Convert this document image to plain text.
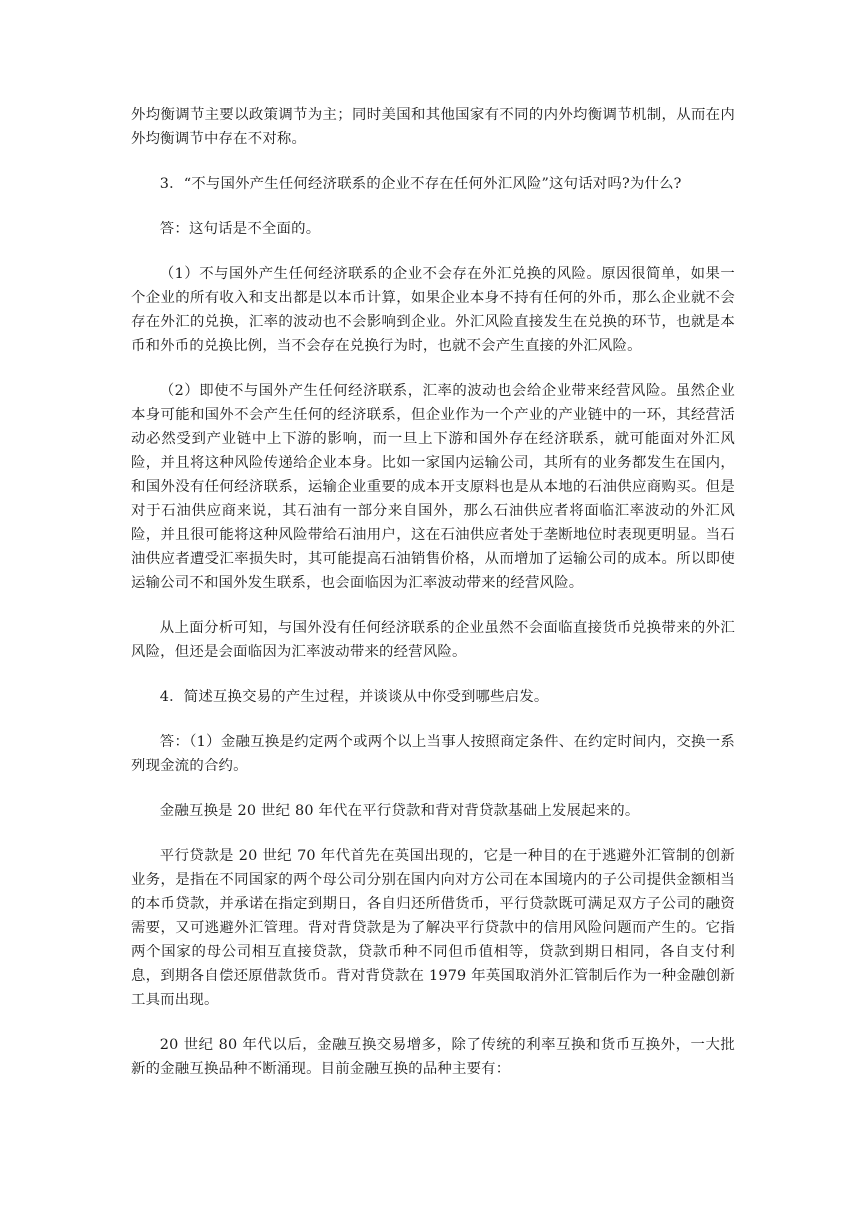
外均衡调节主要以政策调节为主；同时美国和其他国家有不同的内外均衡调节机制，从而在内外均衡调节中存在不对称。

3．“不与国外产生任何经济联系的企业不存在任何外汇风险”这句话对吗?为什么?

答：这句话是不全面的。

（1）不与国外产生任何经济联系的企业不会存在外汇兑换的风险。原因很简单，如果一个企业的所有收入和支出都是以本币计算，如果企业本身不持有任何的外币，那么企业就不会存在外汇的兑换，汇率的波动也不会影响到企业。外汇风险直接发生在兑换的环节，也就是本币和外币的兑换比例，当不会存在兑换行为时，也就不会产生直接的外汇风险。

（2）即使不与国外产生任何经济联系，汇率的波动也会给企业带来经营风险。虽然企业本身可能和国外不会产生任何的经济联系，但企业作为一个产业的产业链中的一环，其经营活动必然受到产业链中上下游的影响，而一旦上下游和国外存在经济联系，就可能面对外汇风险，并且将这种风险传递给企业本身。比如一家国内运输公司，其所有的业务都发生在国内，和国外没有任何经济联系，运输企业重要的成本开支原料也是从本地的石油供应商购买。但是对于石油供应商来说，其石油有一部分来自国外，那么石油供应者将面临汇率波动的外汇风险，并且很可能将这种风险带给石油用户，这在石油供应者处于垄断地位时表现更明显。当石油供应者遭受汇率损失时，其可能提高石油销售价格，从而增加了运输公司的成本。所以即使运输公司不和国外发生联系，也会面临因为汇率波动带来的经营风险。

从上面分析可知，与国外没有任何经济联系的企业虽然不会面临直接货币兑换带来的外汇风险，但还是会面临因为汇率波动带来的经营风险。

4．简述互换交易的产生过程，并谈谈从中你受到哪些启发。

答：（1）金融互换是约定两个或两个以上当事人按照商定条件、在约定时间内，交换一系列现金流的合约。

金融互换是 20 世纪 80 年代在平行贷款和背对背贷款基础上发展起来的。

平行贷款是 20 世纪 70 年代首先在英国出现的，它是一种目的在于逃避外汇管制的创新业务，是指在不同国家的两个母公司分别在国内向对方公司在本国境内的子公司提供金额相当的本币贷款，并承诺在指定到期日，各自归还所借货币，平行贷款既可满足双方子公司的融资需要，又可逃避外汇管理。背对背贷款是为了解决平行贷款中的信用风险问题而产生的。它指两个国家的母公司相互直接贷款，贷款币种不同但币值相等，贷款到期日相同，各自支付利息，到期各自偿还原借款货币。背对背贷款在 1979 年英国取消外汇管制后作为一种金融创新工具而出现。

20 世纪 80 年代以后，金融互换交易增多，除了传统的利率互换和货币互换外，一大批新的金融互换品种不断涌现。目前金融互换的品种主要有：
